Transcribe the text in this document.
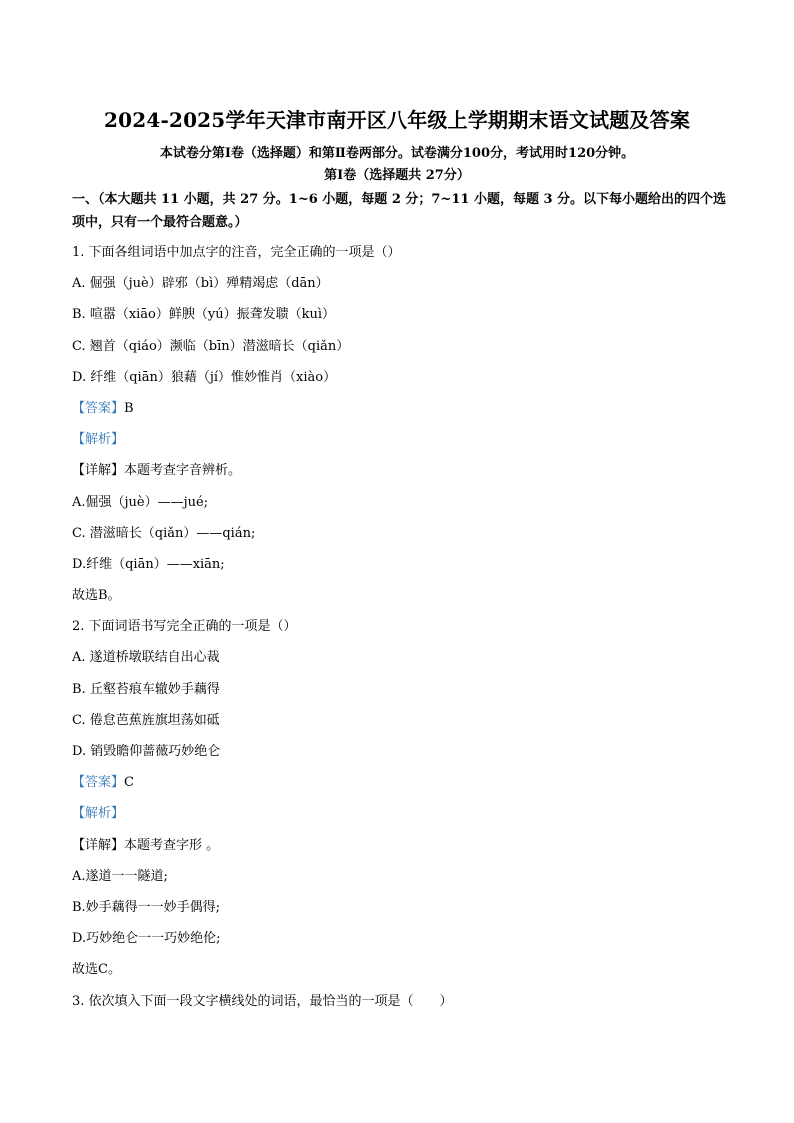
2024-2025学年天津市南开区八年级上学期期末语文试题及答案
本试卷分第Ⅰ卷（选择题）和第Ⅱ卷两部分。试卷满分100分，考试用时120分钟。
第Ⅰ卷（选择题共 27分）
一、（本大题共 11 小题，共 27 分。1~6 小题，每题 2 分；7~11 小题，每题 3 分。以下每小题给出的四个选项中，只有一个最符合题意。）
1. 下面各组词语中加点字的注音，完全正确的一项是（）
A. 倔强（juè）辟邪（bì）殚精竭虑（dān）
B. 喧嚣（xiāo）鲜腴（yú）振聋发聩（kuì）
C. 翘首（qiáo）濒临（bīn）潜滋暗长（qiǎn）
D. 纤维（qiān）狼藉（jí）惟妙惟肖（xiào）
【答案】B
【解析】
【详解】本题考查字音辨析。
A.倔强（juè）——jué;
C. 潜滋暗长（qiǎn）——qián;
D.纤维（qiān）——xiān;
故选B。
2. 下面词语书写完全正确的一项是（）
A. 遂道桥墩联结自出心裁
B. 丘壑苔痕车辙妙手藕得
C. 倦怠芭蕉旌旗坦荡如砥
D. 销毁瞻仰蔷薇巧妙绝仑
【答案】C
【解析】
【详解】本题考查字形 。
A.遂道一一隧道;
B.妙手藕得一一妙手偶得;
D.巧妙绝仑一一巧妙绝伦;
故选C。
3. 依次填入下面一段文字横线处的词语，最恰当的一项是（　　）
